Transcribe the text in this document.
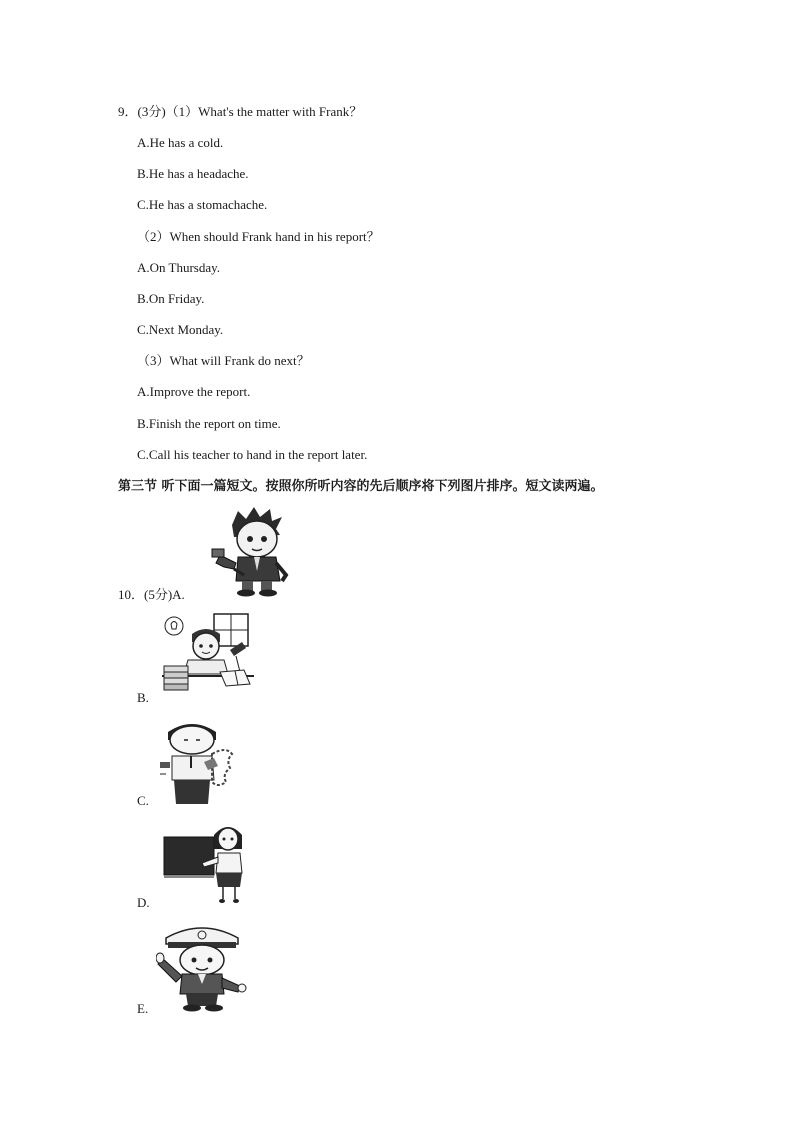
9．(3分)（1）What's the matter with Frank？
A.He has a cold.
B.He has a headache.
C.He has a stomachache.
（2）When should Frank hand in his report？
A.On Thursday.
B.On Friday.
C.Next Monday.
（3）What will Frank do next？
A.Improve the report.
B.Finish the report on time.
C.Call his teacher to hand in the report later.
第三节 听下面一篇短文。按照你所听内容的先后顺序将下列图片排序。短文读两遍。
10．(5分)A.
B.
C.
D.
E.
